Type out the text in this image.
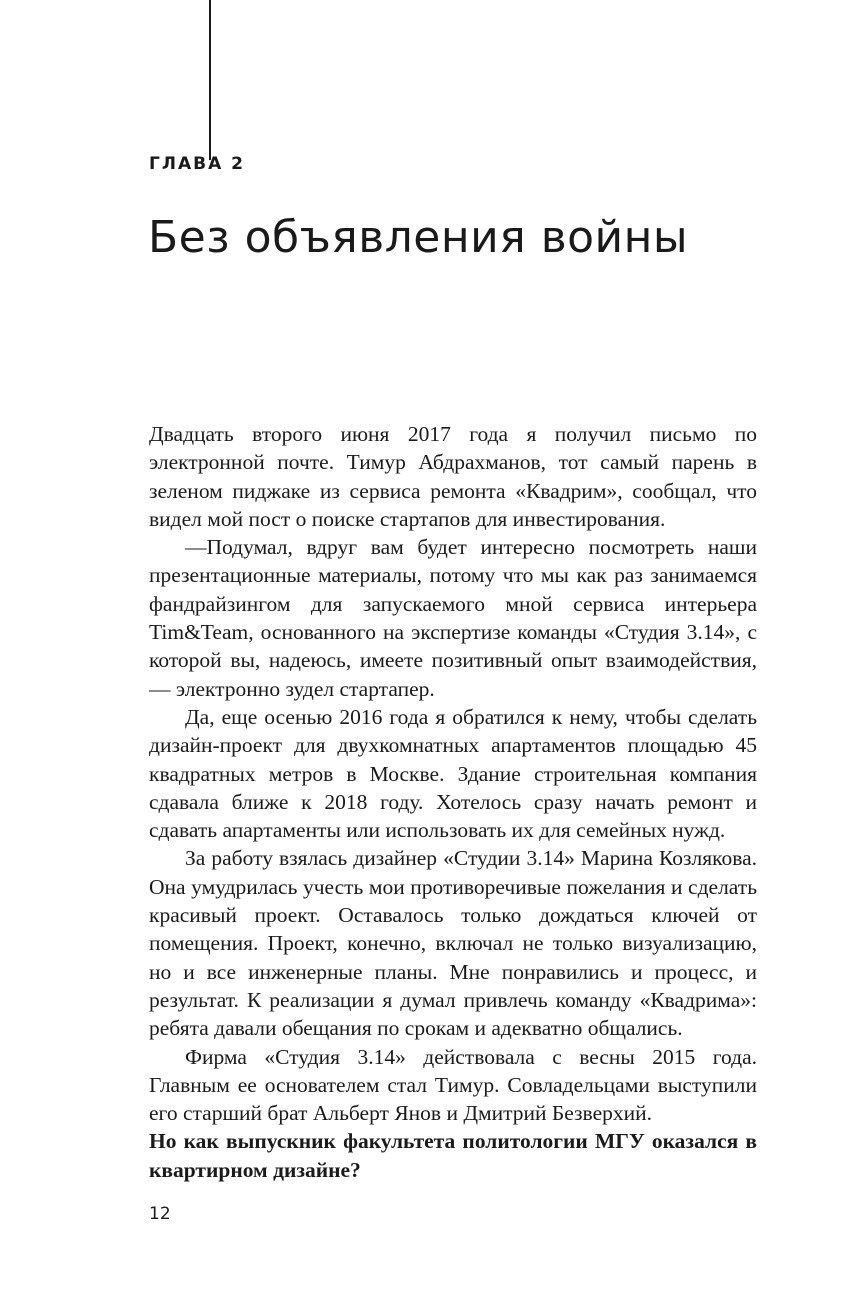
ГЛАВА 2
Без объявления войны

Двадцать второго июня 2017 года я получил письмо по электронной почте. Тимур Абдрахманов, тот самый парень в зеленом пиджаке из сервиса ремонта «Квадрим», сообщал, что видел мой пост о поиске стартапов для инвестирования.

—Подумал, вдруг вам будет интересно посмотреть наши презентационные материалы, потому что мы как раз занимаемся фандрайзингом для запускаемого мной сервиса интерьера Tim&Team, основанного на экспертизе команды «Студия 3.14», с которой вы, надеюсь, имеете позитивный опыт взаимодействия, — электронно зудел стартапер.

Да, еще осенью 2016 года я обратился к нему, чтобы сделать дизайн-проект для двухкомнатных апартаментов площадью 45 квадратных метров в Москве. Здание строительная компания сдавала ближе к 2018 году. Хотелось сразу начать ремонт и сдавать апартаменты или использовать их для семейных нужд.

За работу взялась дизайнер «Студии 3.14» Марина Козлякова. Она умудрилась учесть мои противоречивые пожелания и сделать красивый проект. Оставалось только дождаться ключей от помещения. Проект, конечно, включал не только визуализацию, но и все инженерные планы. Мне понравились и процесс, и результат. К реализации я думал привлечь команду «Квадрима»: ребята давали обещания по срокам и адекватно общались.

Фирма «Студия 3.14» действовала с весны 2015 года. Главным ее основателем стал Тимур. Совладельцами выступили его старший брат Альберт Янов и Дмитрий Безверхий.

Но как выпускник факультета политологии МГУ оказался в квартирном дизайне?

12
